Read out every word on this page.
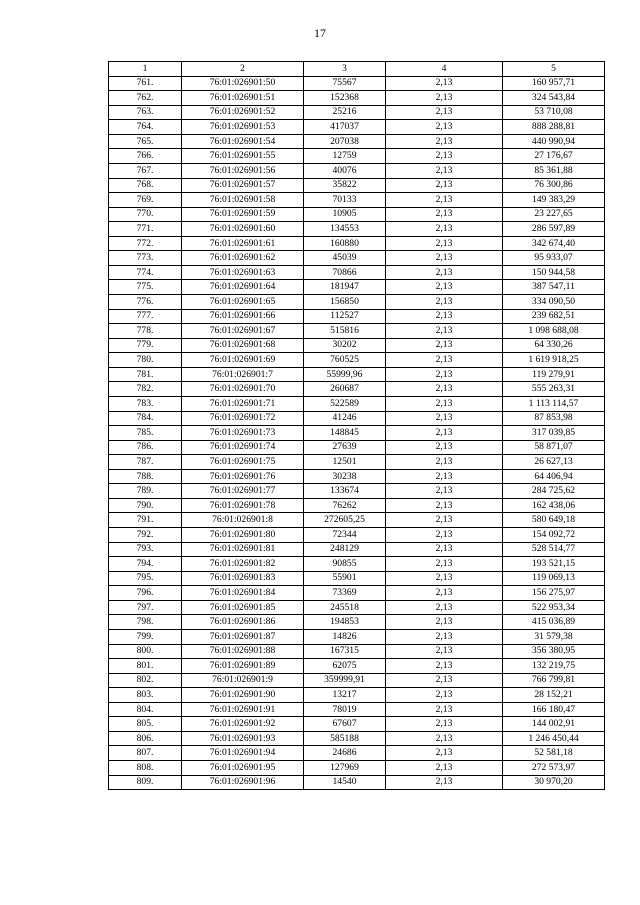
17
1	2	3	4	5
761.	76:01:026901:50	75567	2,13	160 957,71
762.	76:01:026901:51	152368	2,13	324 543,84
763.	76:01:026901:52	25216	2,13	53 710,08
764.	76:01:026901:53	417037	2,13	888 288,81
765.	76:01:026901:54	207038	2,13	440 990,94
766.	76:01:026901:55	12759	2,13	27 176,67
767.	76:01:026901:56	40076	2,13	85 361,88
768.	76:01:026901:57	35822	2,13	76 300,86
769.	76:01:026901:58	70133	2,13	149 383,29
770.	76:01:026901:59	10905	2,13	23 227,65
771.	76:01:026901:60	134553	2,13	286 597,89
772.	76:01:026901:61	160880	2,13	342 674,40
773.	76:01:026901:62	45039	2,13	95 933,07
774.	76:01:026901:63	70866	2,13	150 944,58
775.	76:01:026901:64	181947	2,13	387 547,11
776.	76:01:026901:65	156850	2,13	334 090,50
777.	76:01:026901:66	112527	2,13	239 682,51
778.	76:01:026901:67	515816	2,13	1 098 688,08
779.	76:01:026901:68	30202	2,13	64 330,26
780.	76:01:026901:69	760525	2,13	1 619 918,25
781.	76:01:026901:7	55999,96	2,13	119 279,91
782.	76:01:026901:70	260687	2,13	555 263,31
783.	76:01:026901:71	522589	2,13	1 113 114,57
784.	76:01:026901:72	41246	2,13	87 853,98
785.	76:01:026901:73	148845	2,13	317 039,85
786.	76:01:026901:74	27639	2,13	58 871,07
787.	76:01:026901:75	12501	2,13	26 627,13
788.	76:01:026901:76	30238	2,13	64 406,94
789.	76:01:026901:77	133674	2,13	284 725,62
790.	76:01:026901:78	76262	2,13	162 438,06
791.	76:01:026901:8	272605,25	2,13	580 649,18
792.	76:01:026901:80	72344	2,13	154 092,72
793.	76:01:026901:81	248129	2,13	528 514,77
794.	76:01:026901:82	90855	2,13	193 521,15
795.	76:01:026901:83	55901	2,13	119 069,13
796.	76:01:026901:84	73369	2,13	156 275,97
797.	76:01:026901:85	245518	2,13	522 953,34
798.	76:01:026901:86	194853	2,13	415 036,89
799.	76:01:026901:87	14826	2,13	31 579,38
800.	76:01:026901:88	167315	2,13	356 380,95
801.	76:01:026901:89	62075	2,13	132 219,75
802.	76:01:026901:9	359999,91	2,13	766 799,81
803.	76:01:026901:90	13217	2,13	28 152,21
804.	76:01:026901:91	78019	2,13	166 180,47
805.	76:01:026901:92	67607	2,13	144 002,91
806.	76:01:026901:93	585188	2,13	1 246 450,44
807.	76:01:026901:94	24686	2,13	52 581,18
808.	76:01:026901:95	127969	2,13	272 573,97
809.	76:01:026901:96	14540	2,13	30 970,20
